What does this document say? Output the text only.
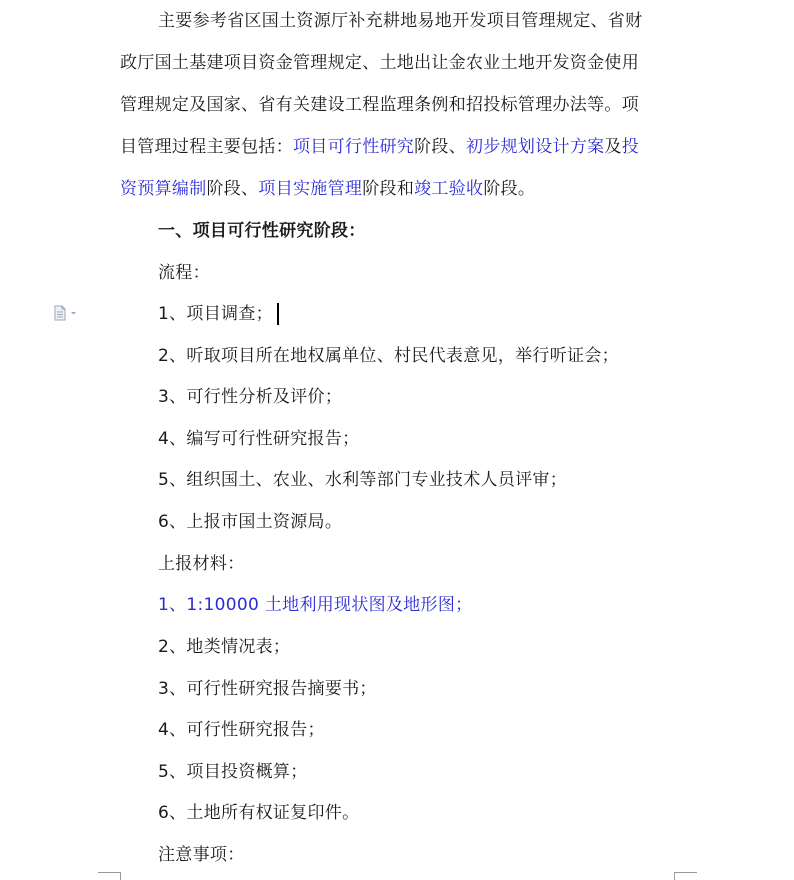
主要参考省区国土资源厅补充耕地易地开发项目管理规定、省财
政厅国土基建项目资金管理规定、土地出让金农业土地开发资金使用
管理规定及国家、省有关建设工程监理条例和招投标管理办法等。项
目管理过程主要包括：项目可行性研究阶段、初步规划设计方案及投
资预算编制阶段、项目实施管理阶段和竣工验收阶段。
一、项目可行性研究阶段：
流程：
1、项目调查；
2、听取项目所在地权属单位、村民代表意见，举行听证会；
3、可行性分析及评价；
4、编写可行性研究报告；
5、组织国土、农业、水利等部门专业技术人员评审；
6、上报市国土资源局。
上报材料：
1、1:10000 土地利用现状图及地形图；
2、地类情况表；
3、可行性研究报告摘要书；
4、可行性研究报告；
5、项目投资概算；
6、土地所有权证复印件。
注意事项：
